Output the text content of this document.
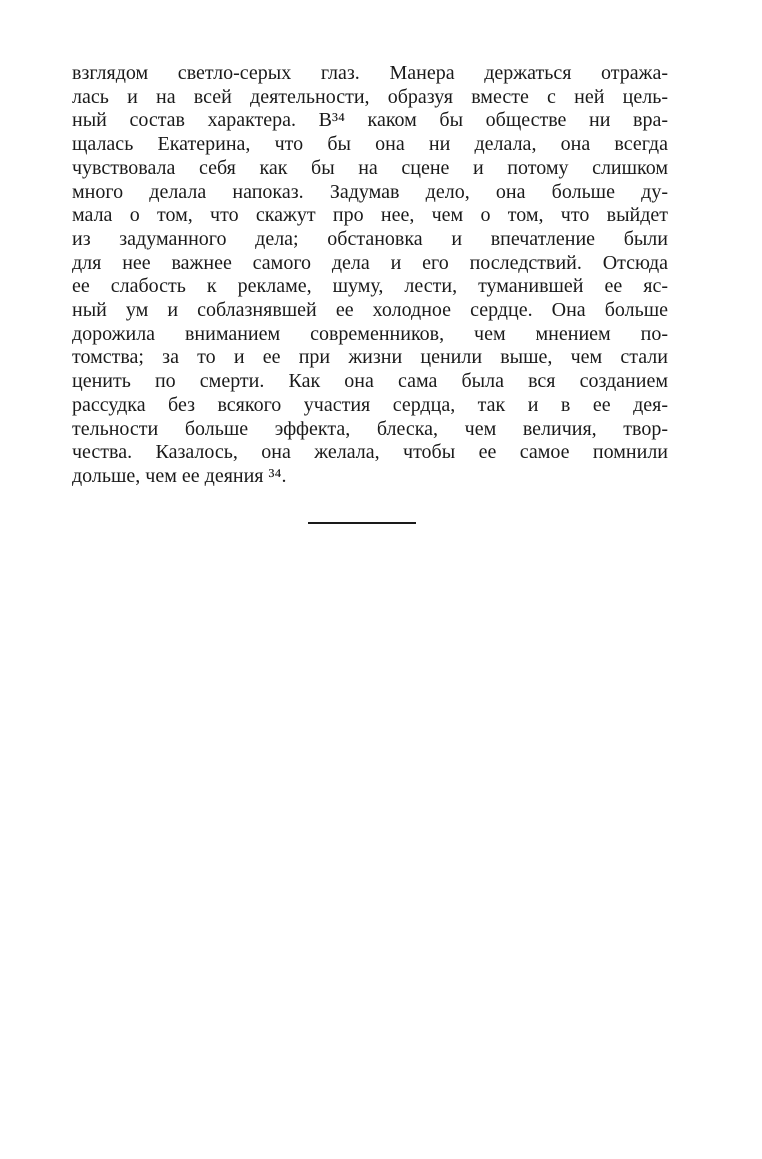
взглядом светло-серых глаз. Манера держаться отража-
лась и на всей деятельности, образуя вместе с ней цель-
ный состав характера. В³⁴ каком бы обществе ни вра-
щалась Екатерина, что бы она ни делала, она всегда
чувствовала себя как бы на сцене и потому слишком
много делала напоказ. Задумав дело, она больше ду-
мала о том, что скажут про нее, чем о том, что выйдет
из задуманного дела; обстановка и впечатление были
для нее важнее самого дела и его последствий. Отсюда
ее слабость к рекламе, шуму, лести, туманившей ее яс-
ный ум и соблазнявшей ее холодное сердце. Она больше
дорожила вниманием современников, чем мнением по-
томства; за то и ее при жизни ценили выше, чем стали
ценить по смерти. Как она сама была вся созданием
рассудка без всякого участия сердца, так и в ее дея-
тельности больше эффекта, блеска, чем величия, твор-
чества. Казалось, она желала, чтобы ее самое помнили
дольше, чем ее деяния ³⁴.
